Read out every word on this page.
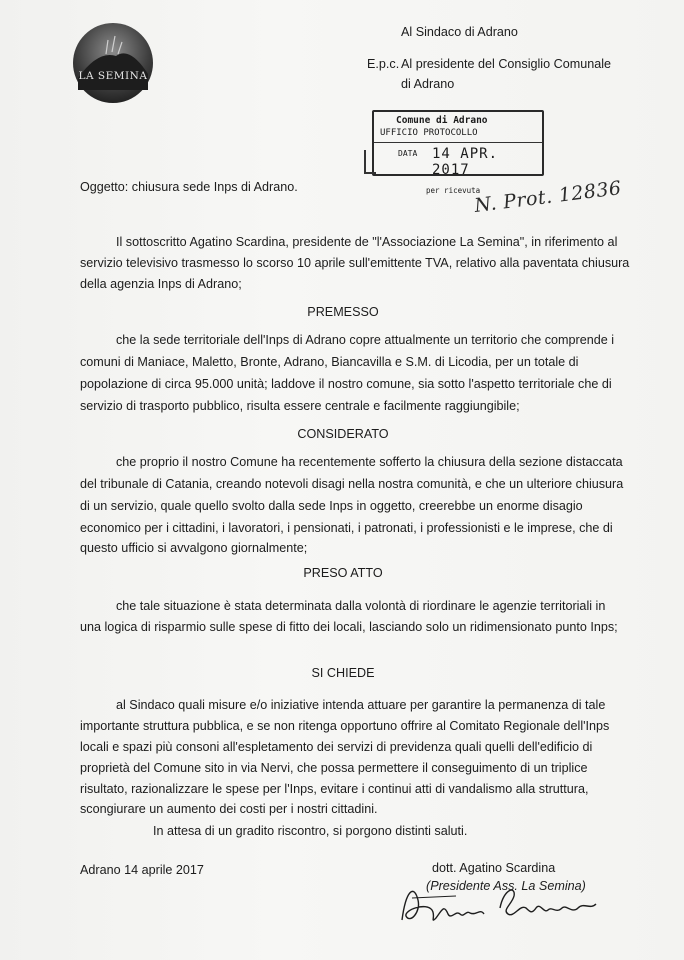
LA SEMINA
Al Sindaco di Adrano
E.p.c. Al presidente del Consiglio Comunale
di Adrano
Comune di Adrano
UFFICIO PROTOCOLLO
DATA 14 APR. 2017
per ricevuta
N. Prot. 12836
Oggetto: chiusura sede Inps di Adrano.
Il sottoscritto Agatino Scardina, presidente de "l'Associazione La Semina", in riferimento al
servizio televisivo trasmesso lo scorso 10 aprile sull'emittente TVA, relativo alla paventata chiusura
della agenzia Inps di Adrano;
PREMESSO
che la sede territoriale dell'Inps di Adrano copre attualmente un territorio che comprende i
comuni di Maniace, Maletto, Bronte, Adrano, Biancavilla e S.M. di Licodia, per un totale di
popolazione di circa 95.000 unità; laddove il nostro comune, sia sotto l'aspetto territoriale che di
servizio di trasporto pubblico, risulta essere centrale e facilmente raggiungibile;
CONSIDERATO
che proprio il nostro Comune ha recentemente sofferto la chiusura della sezione distaccata
del tribunale di Catania, creando notevoli disagi nella nostra comunità, e che un ulteriore chiusura
di un servizio, quale quello svolto dalla sede Inps in oggetto, creerebbe un enorme disagio
economico per i cittadini, i lavoratori, i pensionati, i patronati, i professionisti e le imprese, che di
questo ufficio si avvalgono giornalmente;
PRESO ATTO
che tale situazione è stata determinata dalla volontà di riordinare le agenzie territoriali in
una logica di risparmio sulle spese di fitto dei locali, lasciando solo un ridimensionato punto Inps;
SI CHIEDE
al Sindaco quali misure e/o iniziative intenda attuare per garantire la permanenza di tale
importante struttura pubblica, e se non ritenga opportuno offrire al Comitato Regionale dell'Inps
locali e spazi più consoni all'espletamento dei servizi di previdenza quali quelli dell'edificio di
proprietà del Comune sito in via Nervi, che possa permettere il conseguimento di un triplice
risultato, razionalizzare le spese per l'Inps, evitare i continui atti di vandalismo alla struttura,
scongiurare un aumento dei costi per i nostri cittadini.
In attesa di un gradito riscontro, si porgono distinti saluti.
Adrano 14 aprile 2017	dott. Agatino Scardina
(Presidente Ass. La Semina)
